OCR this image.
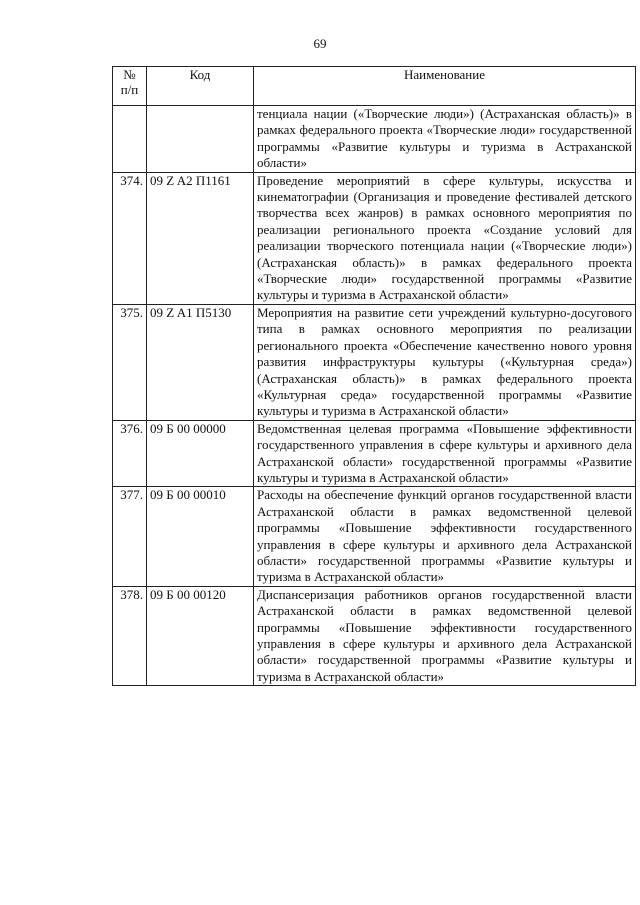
69
№
п/п	Код	Наименование
		тенциала нации («Творческие люди») (Астраханская область)» в рамках федерального проекта «Творческие люди» государственной программы «Развитие культуры и туризма в Астраханской области»
374.	09 Z A2 П1161	Проведение мероприятий в сфере культуры, искусства и кинематографии (Организация и проведение фестивалей детского творчества всех жанров) в рамках основного мероприятия по реализации регионального проекта «Создание условий для реализации творческого потенциала нации («Творческие люди») (Астраханская область)» в рамках федерального проекта «Творческие люди» государственной программы «Развитие культуры и туризма в Астраханской области»
375.	09 Z A1 П5130	Мероприятия на развитие сети учреждений культурно-досугового типа в рамках основного мероприятия по реализации регионального проекта «Обеспечение качественно нового уровня развития инфраструктуры культуры («Культурная среда») (Астраханская область)» в рамках федерального проекта «Культурная среда» государственной программы «Развитие культуры и туризма в Астраханской области»
376.	09 Б 00 00000	Ведомственная целевая программа «Повышение эффективности государственного управления в сфере культуры и архивного дела Астраханской области» государственной программы «Развитие культуры и туризма в Астраханской области»
377.	09 Б 00 00010	Расходы на обеспечение функций органов государственной власти Астраханской области в рамках ведомственной целевой программы «Повышение эффективности государственного управления в сфере культуры и архивного дела Астраханской области» государственной программы «Развитие культуры и туризма в Астраханской области»
378.	09 Б 00 00120	Диспансеризация работников органов государственной власти Астраханской области в рамках ведомственной целевой программы «Повышение эффективности государственного управления в сфере культуры и архивного дела Астраханской области» государственной программы «Развитие культуры и туризма в Астраханской области»
